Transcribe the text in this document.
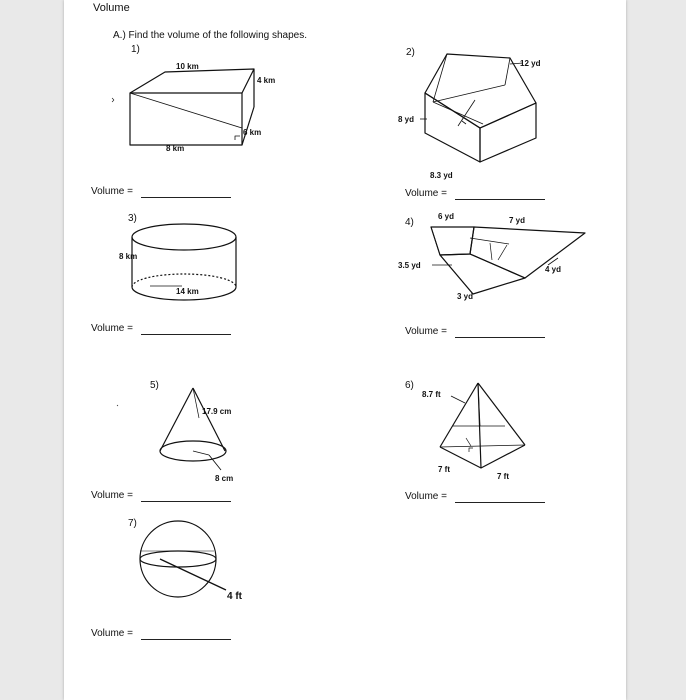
Volume
A.) Find the volume of the following shapes.
1)	2)
3)	4)
5)	6)
7)
Volume =	Volume =
Volume =	Volume =
Volume =	Volume =
Volume =
10 km
4 km
6 km
8 km
12 yd
8 yd
8.3 yd
8 km
14 km
6 yd	7 yd
3.5 yd	4 yd
3 yd
17.9 cm
8 cm
8.7 ft
7 ft
7 ft
4 ft
